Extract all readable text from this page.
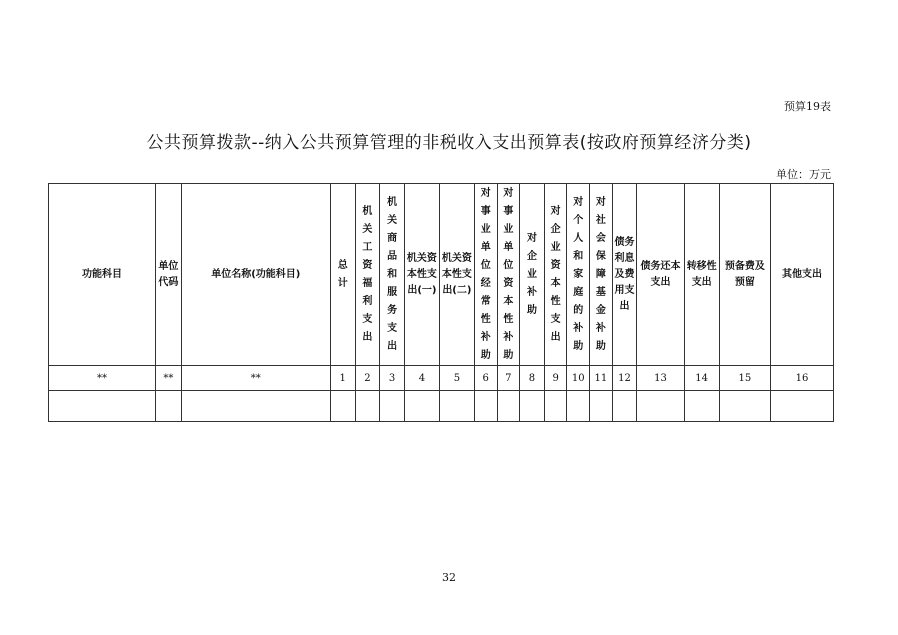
预算19表
公共预算拨款--纳入公共预算管理的非税收入支出预算表(按政府预算经济分类)
单位：万元
功能科目	单位代码	单位名称(功能科目)	总计	机关工资福利支出	机关商品和服务支出	机关资本性支出(一)	机关资本性支出(二)	对事业单位经常性补助	对事业单位资本性补助	对企业补助	对企业资本性支出	对个人和家庭的补助	对社会保障基金补助	债务利息及费用支出	债务还本支出	转移性支出	预备费及预留	其他支出
**	**	**	1	2	3	4	5	6	7	8	9	10	11	12	13	14	15	16

32
